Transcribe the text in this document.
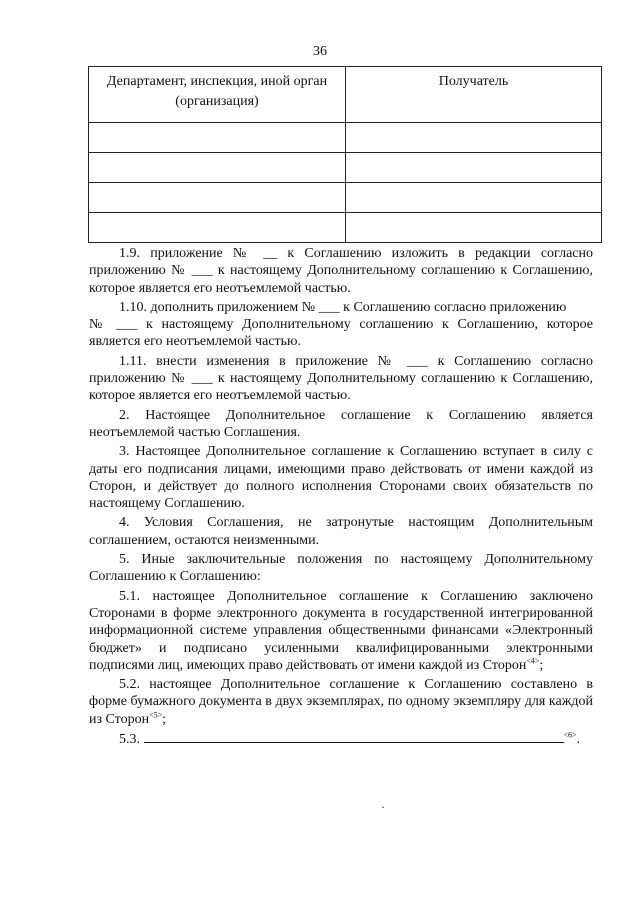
36
Департамент, инспекция, иной орган (организация)	Получатель

1.9. приложение № __ к Соглашению изложить в редакции согласно приложению № ___ к настоящему Дополнительному соглашению к Соглашению, которое является его неотъемлемой частью.

1.10. дополнить приложением № ___ к Соглашению согласно приложению

№ ___ к настоящему Дополнительному соглашению к Соглашению, которое является его неотъемлемой частью.

1.11. внести изменения в приложение № ___ к Соглашению согласно приложению № ___ к настоящему Дополнительному соглашению к Соглашению, которое является его неотъемлемой частью.

2. Настоящее Дополнительное соглашение к Соглашению является неотъемлемой частью Соглашения.

3. Настоящее Дополнительное соглашение к Соглашению вступает в силу с даты его подписания лицами, имеющими право действовать от имени каждой из Сторон, и действует до полного исполнения Сторонами своих обязательств по настоящему Соглашению.

4. Условия Соглашения, не затронутые настоящим Дополнительным соглашением, остаются неизменными.

5. Иные заключительные положения по настоящему Дополнительному Соглашению к Соглашению:

5.1. настоящее Дополнительное соглашение к Соглашению заключено Сторонами в форме электронного документа в государственной интегрированной информационной системе управления общественными финансами «Электронный бюджет» и подписано усиленными квалифицированными электронными подписями лиц, имеющих право действовать от имени каждой из Сторон$^{<4>}$;

5.2. настоящее Дополнительное соглашение к Соглашению составлено в форме бумажного документа в двух экземплярах, по одному экземпляру для каждой из Сторон$^{<5>}$;

5.3.	$^{<6>}$.

·
